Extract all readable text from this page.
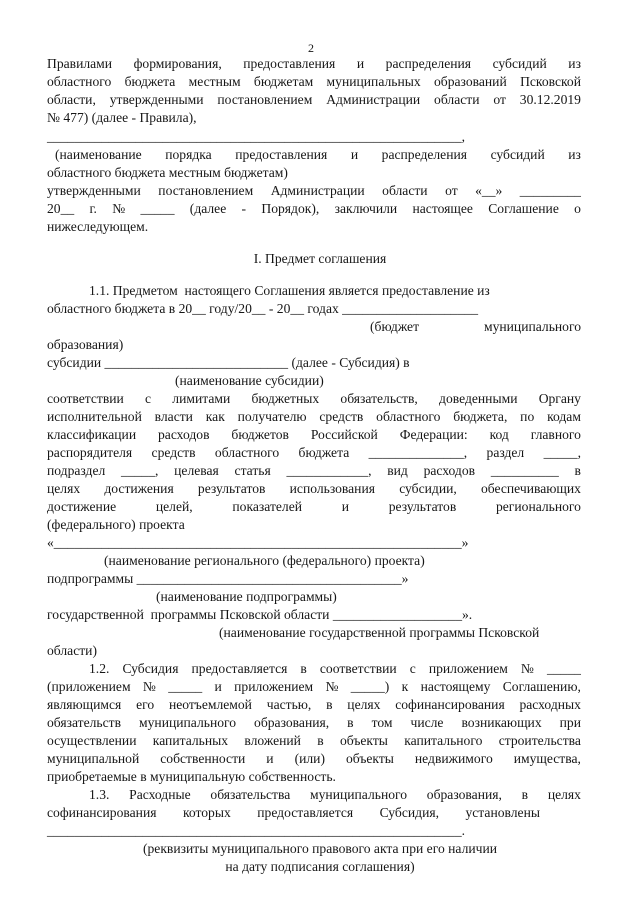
2
Правилами формирования, предоставления и распределения субсидий из
областного бюджета местным бюджетам муниципальных образований Псковской
области, утвержденными постановлением Администрации области от 30.12.2019
№ 477) (далее - Правила),
_____________________________________________________________,
(наименование порядка предоставления и распределения субсидий из
областного бюджета местным бюджетам)
утвержденными постановлением Администрации области от «__» _________
20__ г. № _____ (далее - Порядок), заключили настоящее Соглашение о
нижеследующем.
I. Предмет соглашения
1.1. Предметом  настоящего Соглашения является предоставление из
областного бюджета в 20__ году/20__ - 20__ годах ____________________
(бюджет	муниципального
образования)
субсидии ___________________________ (далее - Субсидия) в
(наименование субсидии)
соответствии с лимитами бюджетных обязательств, доведенными Органу
исполнительной власти как получателю средств областного бюджета, по кодам
классификации расходов бюджетов Российской Федерации: код главного
распорядителя средств областного бюджета ______________, раздел _____,
подраздел _____, целевая статья ____________, вид расходов __________ в
целях достижения результатов использования субсидии, обеспечивающих
достижение	целей,	показателей	и	результатов	регионального
(федерального) проекта
«____________________________________________________________»
(наименование регионального (федерального) проекта)
подпрограммы _______________________________________»
(наименование подпрограммы)
государственной  программы Псковской области ___________________».
(наименование государственной программы Псковской
области)
1.2. Субсидия предоставляется в соответствии с приложением № _____
(приложением № _____ и приложением № _____) к настоящему Соглашению,
являющимся его неотъемлемой частью, в целях софинансирования расходных
обязательств муниципального образования, в том числе возникающих при
осуществлении капитальных вложений в объекты капитального строительства
муниципальной собственности и (или) объекты недвижимого имущества,
приобретаемые в муниципальную собственность.
1.3. Расходные обязательства муниципального образования, в целях
софинансирования которых предоставляется Субсидия, установлены
_____________________________________________________________.
(реквизиты муниципального правового акта при его наличии
на дату подписания соглашения)
